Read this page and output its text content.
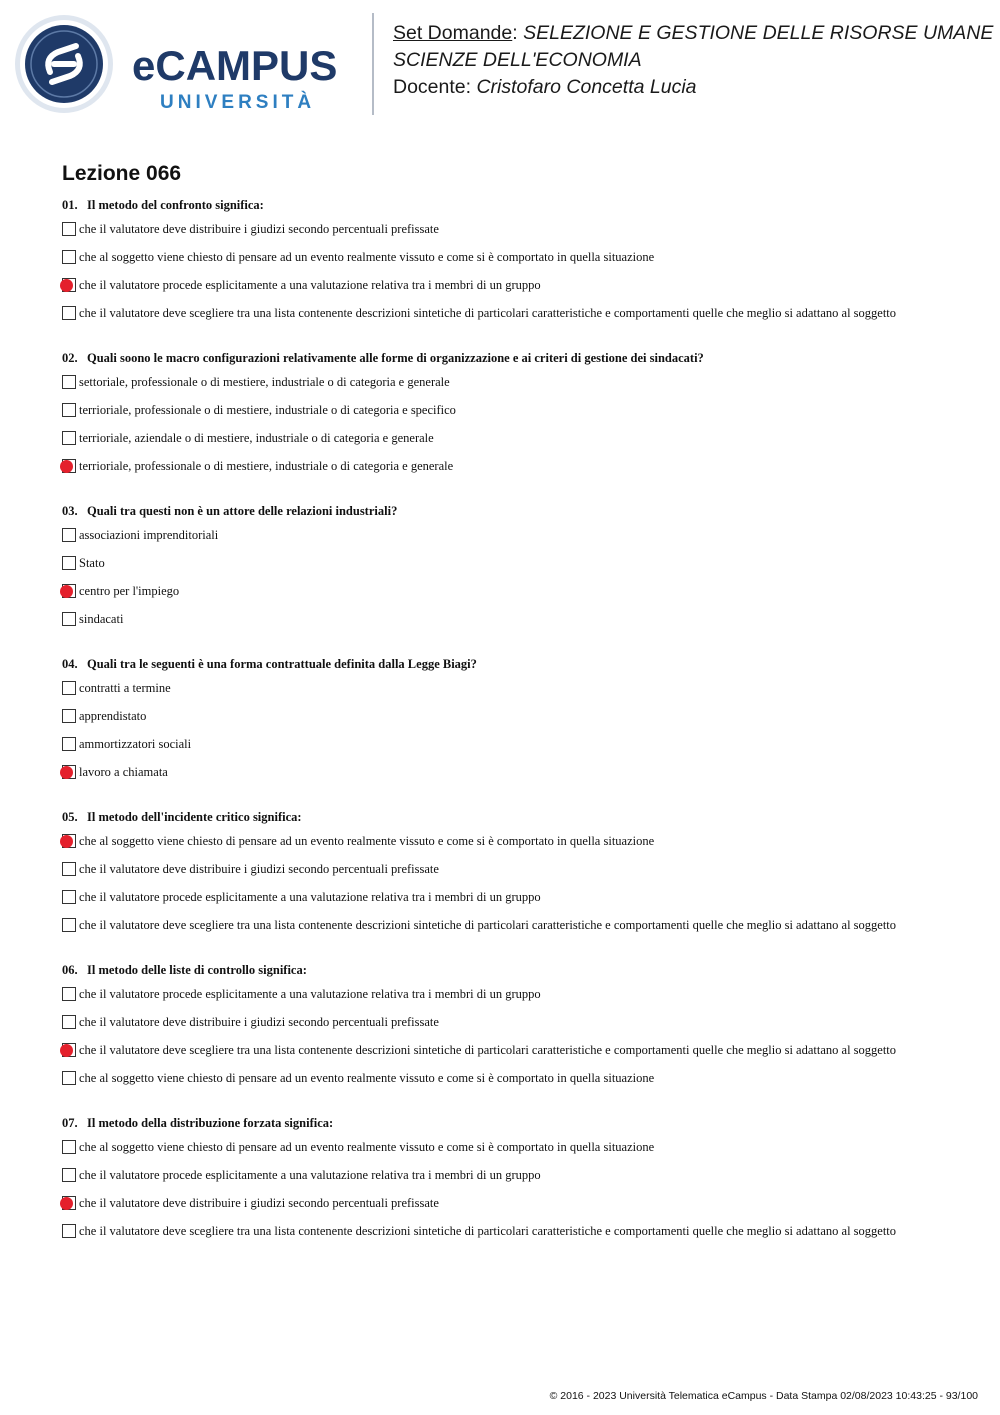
eCAMPUS
UNIVERSITÀ
Set Domande: SELEZIONE E GESTIONE DELLE RISORSE UMANE
SCIENZE DELL'ECONOMIA
Docente: Cristofaro Concetta Lucia
Lezione 066
01. Il metodo del confronto significa:
che il valutatore deve distribuire i giudizi secondo percentuali prefissate
che al soggetto viene chiesto di pensare ad un evento realmente vissuto e come si è comportato in quella situazione
che il valutatore procede esplicitamente a una valutazione relativa tra i membri di un gruppo
che il valutatore deve scegliere tra una lista contenente descrizioni sintetiche di particolari caratteristiche e comportamenti quelle che meglio si adattano al soggetto
02. Quali soono le macro configurazioni relativamente alle forme di organizzazione e ai criteri di gestione dei sindacati?
settoriale, professionale o di mestiere, industriale o di categoria e generale
terrioriale, professionale o di mestiere, industriale o di categoria e specifico
terrioriale, aziendale o di mestiere, industriale o di categoria e generale
terrioriale, professionale o di mestiere, industriale o di categoria e generale
03. Quali tra questi non è un attore delle relazioni industriali?
associazioni imprenditoriali
Stato
centro per l'impiego
sindacati
04. Quali tra le seguenti è una forma contrattuale definita dalla Legge Biagi?
contratti a termine
apprendistato
ammortizzatori sociali
lavoro a chiamata
05. Il metodo dell'incidente critico significa:
che al soggetto viene chiesto di pensare ad un evento realmente vissuto e come si è comportato in quella situazione
che il valutatore deve distribuire i giudizi secondo percentuali prefissate
che il valutatore procede esplicitamente a una valutazione relativa tra i membri di un gruppo
che il valutatore deve scegliere tra una lista contenente descrizioni sintetiche di particolari caratteristiche e comportamenti quelle che meglio si adattano al soggetto
06. Il metodo delle liste di controllo significa:
che il valutatore procede esplicitamente a una valutazione relativa tra i membri di un gruppo
che il valutatore deve distribuire i giudizi secondo percentuali prefissate
che il valutatore deve scegliere tra una lista contenente descrizioni sintetiche di particolari caratteristiche e comportamenti quelle che meglio si adattano al soggetto
che al soggetto viene chiesto di pensare ad un evento realmente vissuto e come si è comportato in quella situazione
07. Il metodo della distribuzione forzata significa:
che al soggetto viene chiesto di pensare ad un evento realmente vissuto e come si è comportato in quella situazione
che il valutatore procede esplicitamente a una valutazione relativa tra i membri di un gruppo
che il valutatore deve distribuire i giudizi secondo percentuali prefissate
che il valutatore deve scegliere tra una lista contenente descrizioni sintetiche di particolari caratteristiche e comportamenti quelle che meglio si adattano al soggetto
© 2016 - 2023 Università Telematica eCampus - Data Stampa 02/08/2023 10:43:25 - 93/100
